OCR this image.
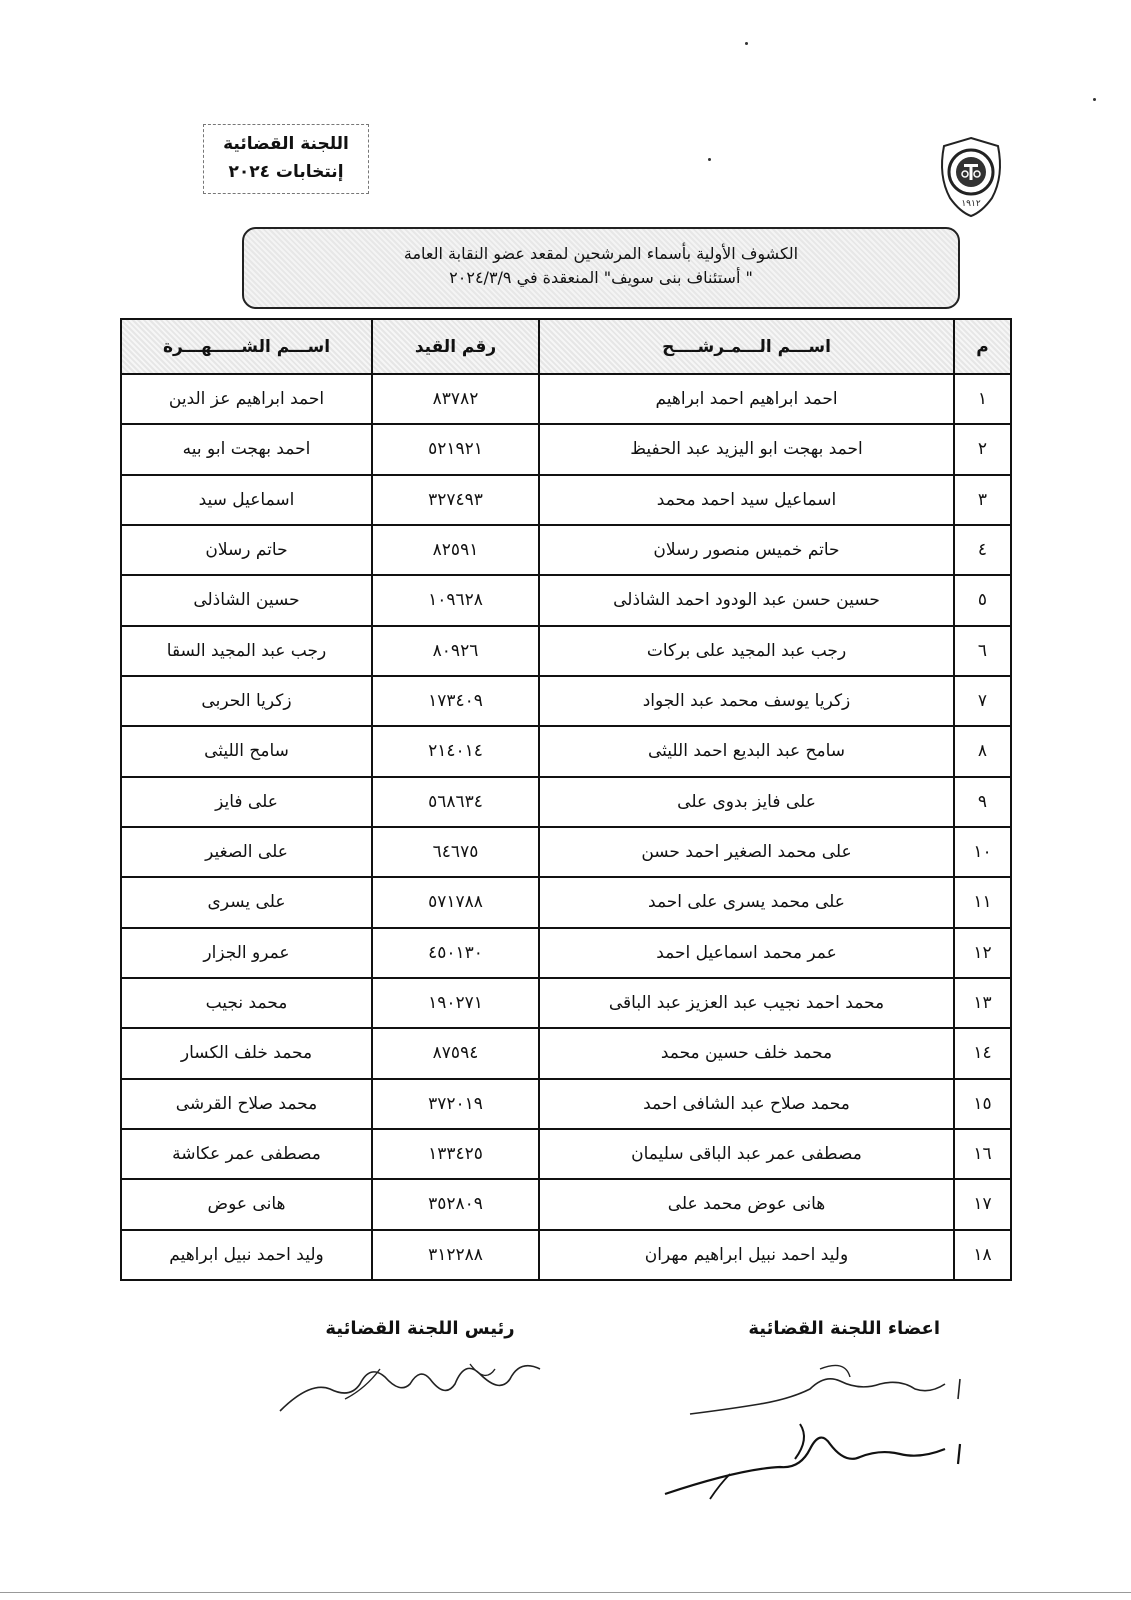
اللجنة القضائية
إنتخابات ٢٠٢٤
١٩١٢
الكشوف الأولية بأسماء المرشحين لمقعد عضو النقابة العامة
" أستئناف بنى سويف" المنعقدة في ٢٠٢٤/٣/٩
م	اســـم الـــمـرشــــح	رقم القيد	اســـم الشـــــهـــرة
١	احمد ابراهيم احمد ابراهيم	٨٣٧٨٢	احمد ابراهيم عز الدين
٢	احمد بهجت ابو اليزيد عبد الحفيظ	٥٢١٩٢١	احمد بهجت ابو بيه
٣	اسماعيل سيد احمد محمد	٣٢٧٤٩٣	اسماعيل سيد
٤	حاتم خميس منصور رسلان	٨٢٥٩١	حاتم رسلان
٥	حسين حسن عبد الودود احمد الشاذلى	١٠٩٦٢٨	حسين الشاذلى
٦	رجب عبد المجيد على بركات	٨٠٩٢٦	رجب عبد المجيد السقا
٧	زكريا يوسف محمد عبد الجواد	١٧٣٤٠٩	زكريا الحربى
٨	سامح عبد البديع احمد الليثى	٢١٤٠١٤	سامح الليثى
٩	على فايز بدوى على	٥٦٨٦٣٤	على فايز
١٠	على محمد الصغير احمد حسن	٦٤٦٧٥	على الصغير
١١	على محمد يسرى على احمد	٥٧١٧٨٨	على يسرى
١٢	عمر محمد اسماعيل احمد	٤٥٠١٣٠	عمرو الجزار
١٣	محمد احمد نجيب عبد العزيز عبد الباقى	١٩٠٢٧١	محمد نجيب
١٤	محمد خلف حسين محمد	٨٧٥٩٤	محمد خلف الكسار
١٥	محمد صلاح عبد الشافى احمد	٣٧٢٠١٩	محمد صلاح القرشى
١٦	مصطفى عمر عبد الباقى سليمان	١٣٣٤٢٥	مصطفى عمر عكاشة
١٧	هانى عوض محمد على	٣٥٢٨٠٩	هانى عوض
١٨	وليد احمد نبيل ابراهيم مهران	٣١٢٢٨٨	وليد احمد نبيل ابراهيم
رئيس اللجنة القضائية	اعضاء اللجنة القضائية
